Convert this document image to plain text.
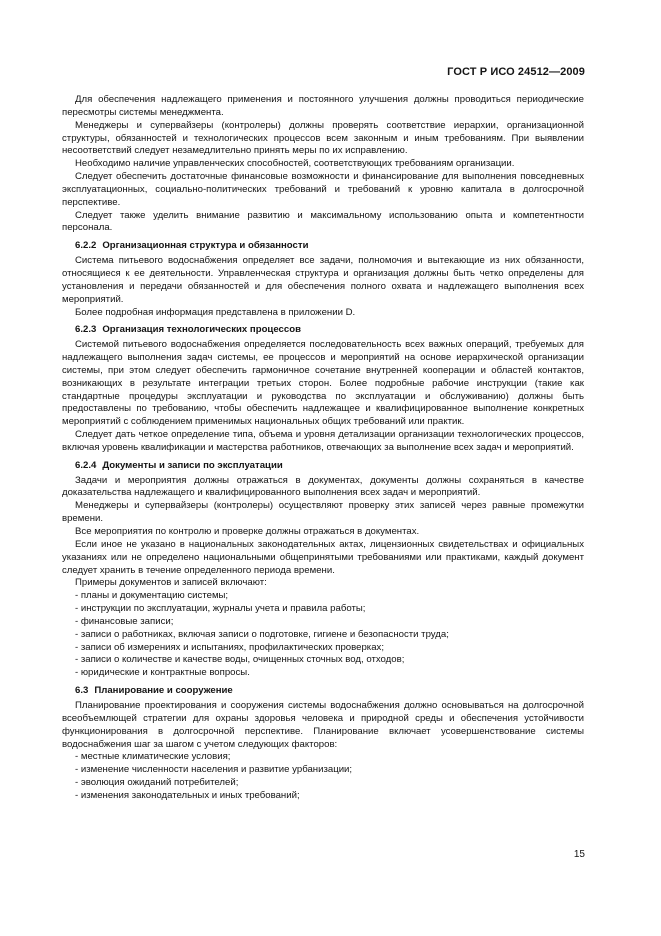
ГОСТ Р ИСО 24512—2009
Для обеспечения надлежащего применения и постоянного улучшения должны проводиться периодические пересмотры системы менеджмента.
Менеджеры и супервайзеры (контролеры) должны проверять соответствие иерархии, организационной структуры, обязанностей и технологических процессов всем законным и иным требованиям. При выявлении несоответствий следует незамедлительно принять меры по их исправлению.
Необходимо наличие управленческих способностей, соответствующих требованиям организации.
Следует обеспечить достаточные финансовые возможности и финансирование для выполнения повседневных эксплуатационных, социально-политических требований и требований к уровню капитала в долгосрочной перспективе.
Следует также уделить внимание развитию и максимальному использованию опыта и компетентности персонала.
6.2.2 Организационная структура и обязанности
Система питьевого водоснабжения определяет все задачи, полномочия и вытекающие из них обязанности, относящиеся к ее деятельности. Управленческая структура и организация должны быть четко определены для установления и передачи обязанностей и для обеспечения полного охвата и надлежащего выполнения всех мероприятий.
Более подробная информация представлена в приложении D.
6.2.3 Организация технологических процессов
Системой питьевого водоснабжения определяется последовательность всех важных операций, требуемых для надлежащего выполнения задач системы, ее процессов и мероприятий на основе иерархической организации системы, при этом следует обеспечить гармоничное сочетание внутренней кооперации и областей контактов, возникающих в результате интеграции третьих сторон. Более подробные рабочие инструкции (такие как стандартные процедуры эксплуатации и руководства по эксплуатации и обслуживанию) должны быть предоставлены по требованию, чтобы обеспечить надлежащее и квалифицированное выполнение конкретных мероприятий с соблюдением применимых национальных общих требований или практик.
Следует дать четкое определение типа, объема и уровня детализации организации технологических процессов, включая уровень квалификации и мастерства работников, отвечающих за выполнение всех задач и мероприятий.
6.2.4 Документы и записи по эксплуатации
Задачи и мероприятия должны отражаться в документах, документы должны сохраняться в качестве доказательства надлежащего и квалифицированного выполнения всех задач и мероприятий.
Менеджеры и супервайзеры (контролеры) осуществляют проверку этих записей через равные промежутки времени.
Все мероприятия по контролю и проверке должны отражаться в документах.
Если иное не указано в национальных законодательных актах, лицензионных свидетельствах и официальных указаниях или не определено национальными общепринятыми требованиями или практиками, каждый документ следует хранить в течение определенного периода времени.
Примеры документов и записей включают:
- планы и документацию системы;
- инструкции по эксплуатации, журналы учета и правила работы;
- финансовые записи;
- записи о работниках, включая записи о подготовке, гигиене и безопасности труда;
- записи об измерениях и испытаниях, профилактических проверках;
- записи о количестве и качестве воды, очищенных сточных вод, отходов;
- юридические и контрактные вопросы.
6.3 Планирование и сооружение
Планирование проектирования и сооружения системы водоснабжения должно основываться на долгосрочной всеобъемлющей стратегии для охраны здоровья человека и природной среды и обеспечения устойчивости функционирования в долгосрочной перспективе. Планирование включает усовершенствование системы водоснабжения шаг за шагом с учетом следующих факторов:
- местные климатические условия;
- изменение численности населения и развитие урбанизации;
- эволюция ожиданий потребителей;
- изменения законодательных и иных требований;
15
